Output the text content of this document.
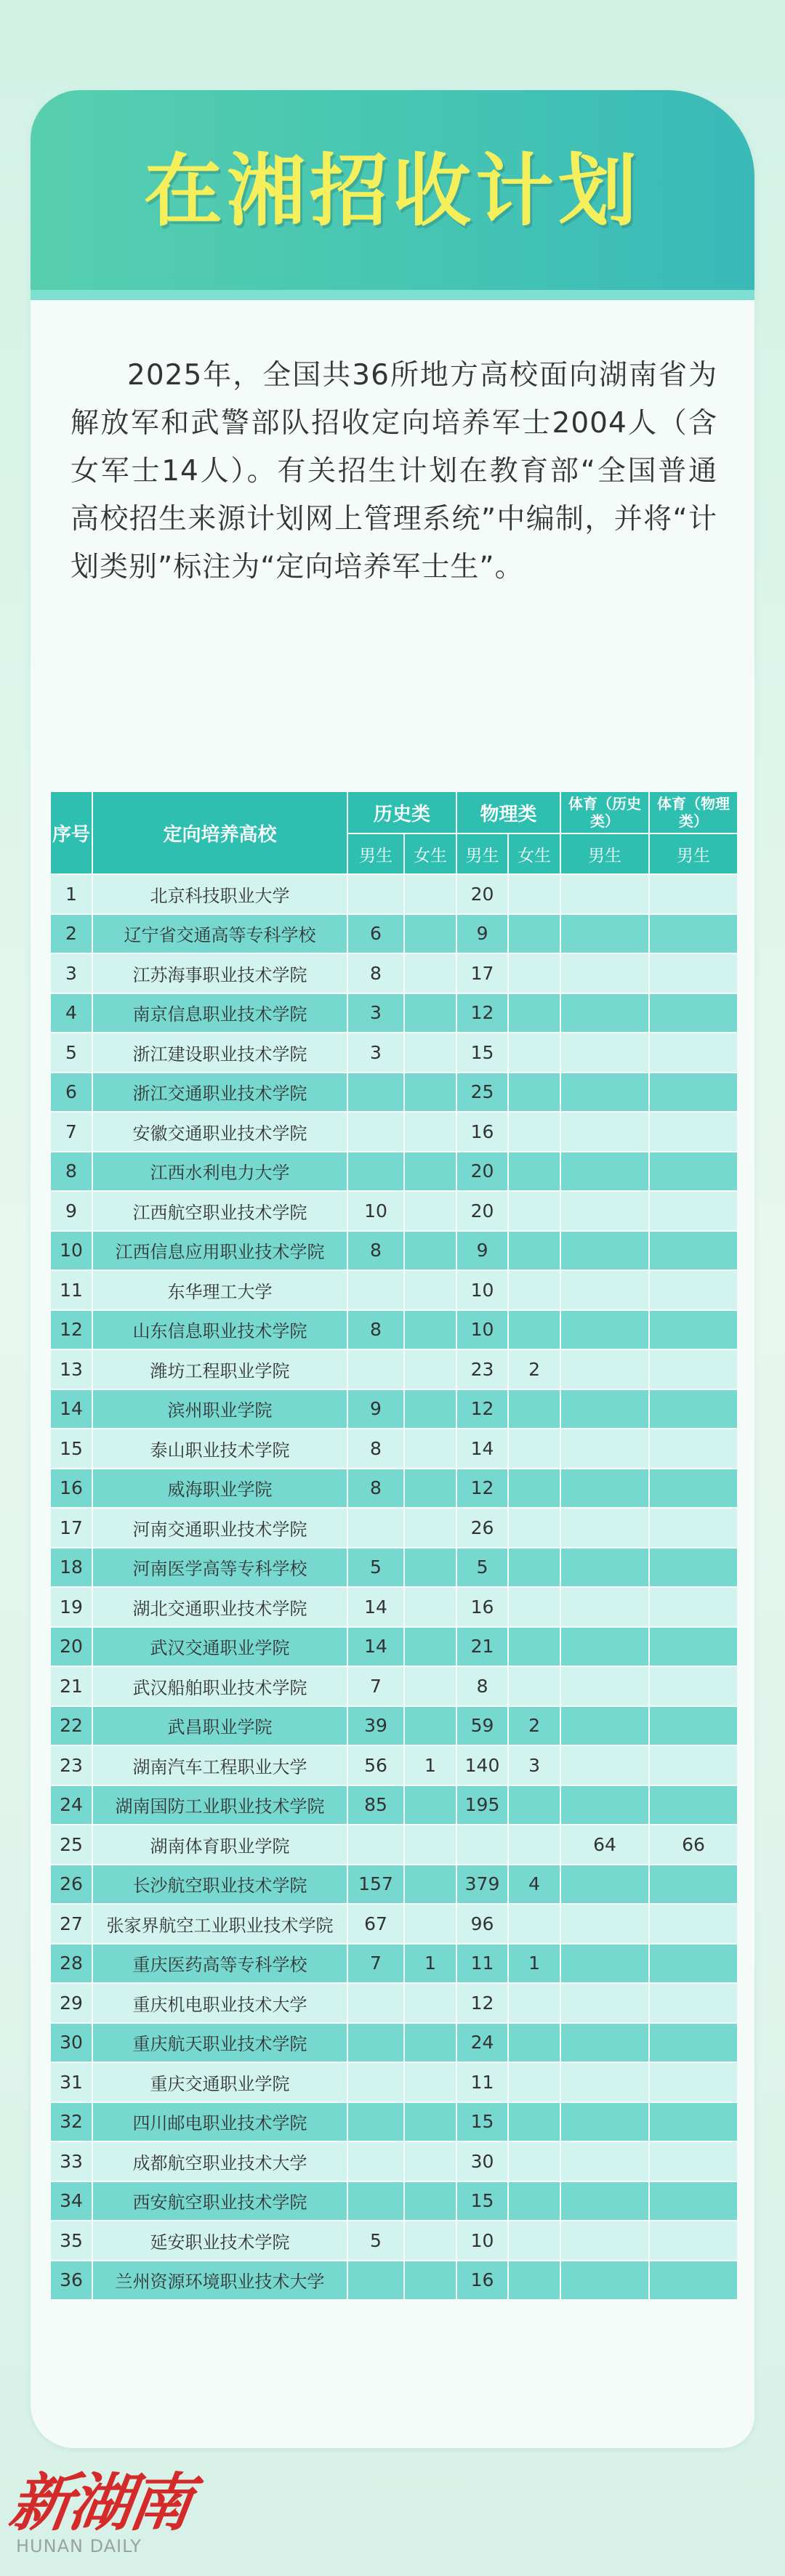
在湘招收计划

2025年，全国共36所地方高校面向湖南省为解放军和武警部队招收定向培养军士2004人（含女军士14人）。有关招生计划在教育部“全国普通高校招生来源计划网上管理系统”中编制，并将“计划类别”标注为“定向培养军士生”。

序号	定向培养高校	历史类		物理类		体育（历史类）	体育（物理类）
		男生	女生	男生	女生	男生	男生
1	北京科技职业大学			20			
2	辽宁省交通高等专科学校	6		9			
3	江苏海事职业技术学院	8		17			
4	南京信息职业技术学院	3		12			
5	浙江建设职业技术学院	3		15			
6	浙江交通职业技术学院			25			
7	安徽交通职业技术学院			16			
8	江西水利电力大学			20			
9	江西航空职业技术学院	10		20			
10	江西信息应用职业技术学院	8		9			
11	东华理工大学			10			
12	山东信息职业技术学院	8		10			
13	潍坊工程职业学院			23	2		
14	滨州职业学院	9		12			
15	泰山职业技术学院	8		14			
16	威海职业学院	8		12			
17	河南交通职业技术学院			26			
18	河南医学高等专科学校	5		5			
19	湖北交通职业技术学院	14		16			
20	武汉交通职业学院	14		21			
21	武汉船舶职业技术学院	7		8			
22	武昌职业学院	39		59	2		
23	湖南汽车工程职业大学	56	1	140	3		
24	湖南国防工业职业技术学院	85		195			
25	湖南体育职业学院					64	66
26	长沙航空职业技术学院	157		379	4		
27	张家界航空工业职业技术学院	67		96			
28	重庆医药高等专科学校	7	1	11	1		
29	重庆机电职业技术大学			12			
30	重庆航天职业技术学院			24			
31	重庆交通职业学院			11			
32	四川邮电职业技术学院			15			
33	成都航空职业技术大学			30			
34	西安航空职业技术学院			15			
35	延安职业技术学院	5		10			
36	兰州资源环境职业技术大学			16			
新湖南
HUNAN DAILY
